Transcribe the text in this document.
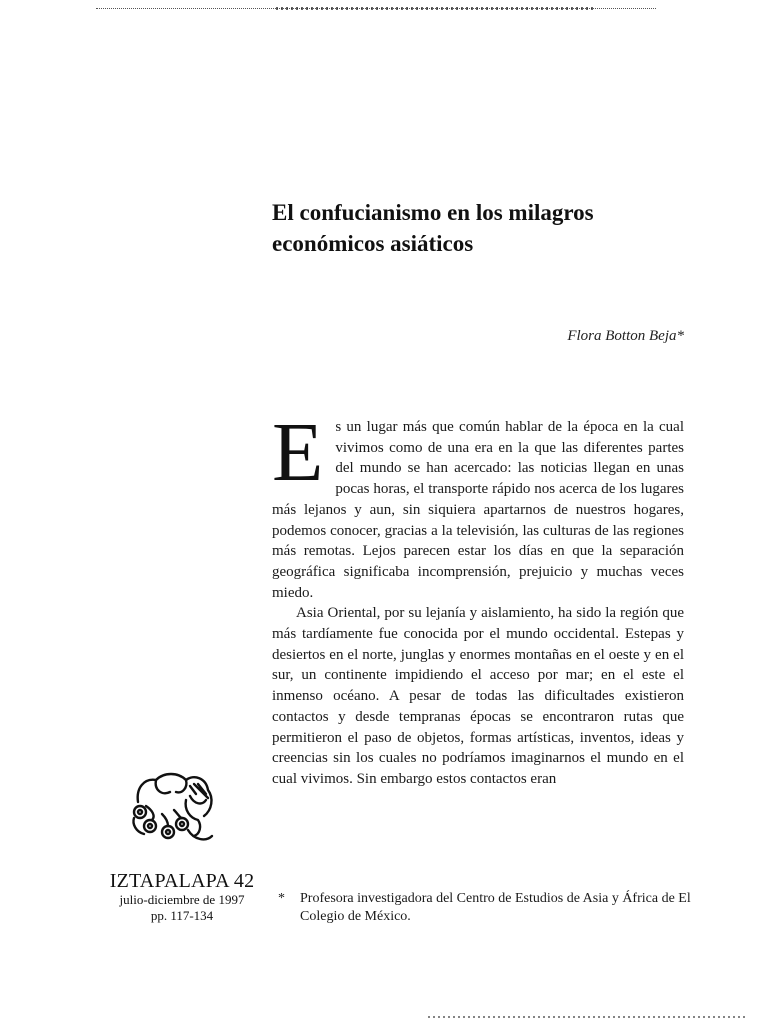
El confucianismo en los milagros
económicos asiáticos
Flora Botton Beja*

Es un lugar más que común hablar de la época en la cual vivimos como de una era en la que las diferentes partes del mundo se han acercado: las noticias llegan en unas pocas horas, el transporte rápido nos acerca de los lugares más lejanos y aun, sin siquiera apartarnos de nuestros hogares, podemos conocer, gracias a la televisión, las culturas de las regiones más remotas. Lejos parecen estar los días en que la separación geográfica significaba incomprensión, prejuicio y muchas veces miedo.

Asia Oriental, por su lejanía y aislamiento, ha sido la región que más tardíamente fue conocida por el mundo occidental. Estepas y desiertos en el norte, junglas y enormes montañas en el oeste y en el sur, un continente impidiendo el acceso por mar; en el este el inmenso océano. A pesar de todas las dificultades existieron contactos y desde tempranas épocas se encontraron rutas que permitieron el paso de objetos, formas artísticas, inventos, ideas y creencias sin los cuales no podríamos imaginarnos el mundo en el cual vivimos. Sin embargo estos contactos eran

IZTAPALAPA 42
julio-diciembre de 1997
pp. 117-134
* Profesora investigadora del Centro de Estudios de Asia y África de El Colegio de México.
